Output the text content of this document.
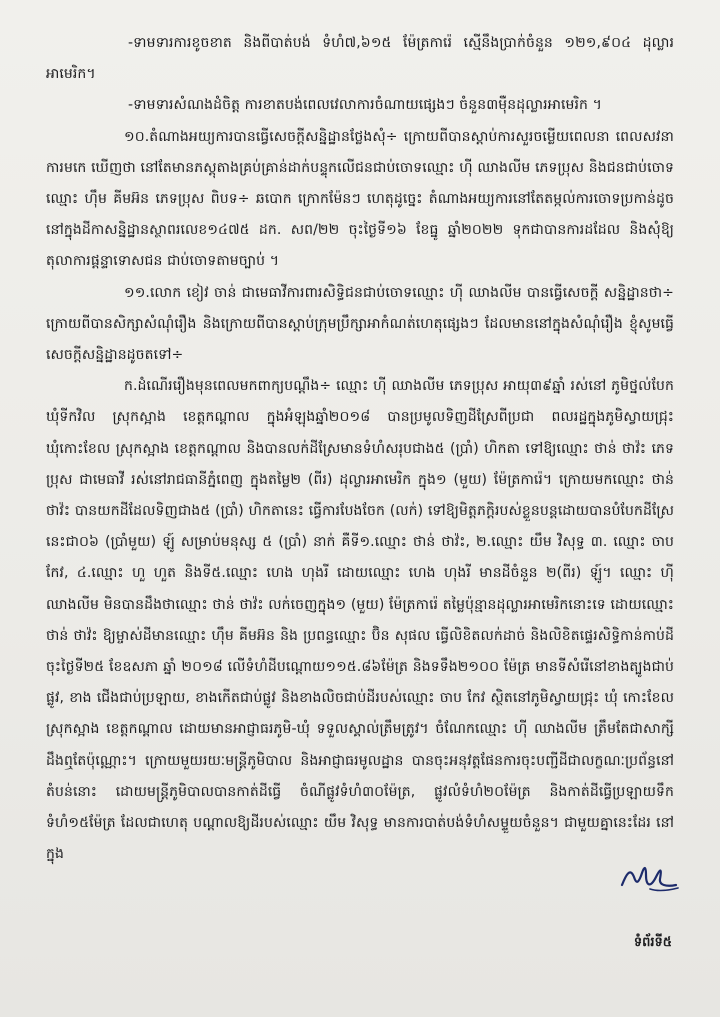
-ទាមទារការខូចខាត និងពីបាត់បង់ ទំហំ៧,៦១៥ ម៉ែត្រការ៉េ ស្មើនឹងប្រាក់ចំនួន ១២១,៩០៤ ដុល្លារអាមេរិក។

-ទាមទារសំណងដំចិត្ត ការខាតបង់ពេលវេលាការចំណាយផ្សេងៗ ចំនួន៣ម៉ឺនដុល្លារអាមេរិក ។

១០.តំណាងអយ្យការបានធ្វើសេចក្ដីសន្និដ្ឋានថ្លែងសុំ÷ ក្រោយពីបានស្ដាប់ការសួរចម្លើយពេលនា ពេលសវនាការមកេ ឃើញថា នៅតែមានភស្តុតាងគ្រប់គ្រាន់ដាក់បន្ទុកលើជនជាប់ចោទឈ្មោះ ហ៊ី ឈាងលីម ភេទប្រុស និងជនជាប់ចោទឈ្មោះ ហ៊ឹម គីមអ៊ន ភេទប្រុស ពិបទ÷ ឆបោក ក្រោកម៉ែនៗ ហេតុដូច្នេះ តំណាងអយ្យការនៅតែតម្កល់ការចោទប្រកាន់ដូចនៅក្នុងដីកាសន្និដ្ឋានស្ថាពរលេខ១៤៧៥ ដក. សព/២២ ចុះថ្ងៃទី១៦ ខែធ្នូ ឆ្នាំ២០២២ ទុកជាបានការដដែល និងសុំឱ្យតុលាការផ្ដន្ទាទោសជន ជាប់ចោទតាមច្បាប់ ។

១១.លោក ខៀវ ចាន់ ជាមេធាវីការពារសិទ្ធិជនជាប់ចោទឈ្មោះ ហ៊ី ឈាងលីម បានធ្វើសេចក្ដី សន្និដ្ឋានថា÷ ក្រោយពីបានសិក្សាសំណុំរឿង និងក្រោយពីបានស្ដាប់ក្រុមប្រឹក្សាអាកំណត់ហេតុផ្សេងៗ ដែលមាននៅក្នុងសំណុំរឿង ខ្ញុំសូមធ្វើសេចក្ដីសន្និដ្ឋានដូចតទៅ÷

ក.ដំណើររឿងមុនពេលមកពាក្យបណ្ដឹង÷ ឈ្មោះ ហ៊ី ឈាងលីម ភេទប្រុស អាយុ៣៩ឆ្នាំ រស់នៅ ភូមិថ្នល់បែក ឃុំទីកវិល ស្រុកស្អាង ខេត្តកណ្ដាល ក្នុងអំឡុងឆ្នាំ២០១៨ បានប្រមូលទិញដីស្រែពីប្រជា ពលរដ្ឋក្នុងភូមិស្វាយជ្រុះ ឃុំកោះខែល ស្រុកស្អាង ខេត្តកណ្ដាល និងបានលក់ដីស្រែមានទំហំសរុបជាង៥ (ប្រាំ) ហិកតា ទៅឱ្យឈ្មោះ ថាន់ ថាវ៉ះ ភេទប្រុស ជាមេធាវី រស់នៅរាជធានីភ្នំពេញ ក្នុងតម្លៃ២ (ពីរ) ដុល្លារអាមេរិក ក្នុង១ (មួយ) ម៉ែត្រការ៉េ។ ក្រោយមកឈ្មោះ ថាន់ ថាវ៉ះ បានយកដីដែលទិញជាង៥ (ប្រាំ) ហិកតានេះ ធ្វើការបែងចែក (លក់) ទៅឱ្យមិត្តភក្ដិរបស់ខ្លួនបន្តដោយបានបំបែកដីស្រែនេះជា០៦ (ប្រាំមួយ) ឡូ៍ សម្រាប់មនុស្ស ៥ (ប្រាំ) នាក់ គឺទី១.ឈ្មោះ ថាន់ ថាវ៉ះ, ២.ឈ្មោះ យឹម វិសុទ្ធ ៣. ឈ្មោះ ចាប កែវ, ៤.ឈ្មោះ ហួ ហួត និងទី៥.ឈ្មោះ ហេង ហុងរី ដោយឈ្មោះ ហេង ហុងរី មានដីចំនួន ២(ពីរ) ឡូ៍។ ឈ្មោះ ហ៊ី ឈាងលីម មិនបានដឹងថាឈ្មោះ ថាន់ ថាវ៉ះ លក់ចេញក្នុង១ (មួយ) ម៉ែត្រការ៉េ តម្លៃប៉ុន្មានដុល្លារអាមេរិកនោះទេ ដោយឈ្មោះ ថាន់ ថាវ៉ះ ឱ្យម្ចាស់ដីមានឈ្មោះ ហ៊ឹម គីមអ៊ន និង ប្រពន្ធឈ្មោះ ប៊ិន សុផល ធ្វើលិខិតលក់ដាច់ និងលិខិតផ្ទេរសិទ្ធិកាន់កាប់ដី ចុះថ្ងៃទី២៥ ខែឧសភា ឆ្នាំ ២០១៨ លើទំហំដីបណ្ដោយ១១៥.៨៦ម៉ែត្រ និងទទឹង២១០០ ម៉ែត្រ មានទីសំរើនៅខាងត្បូងជាប់ផ្លូវ, ខាង ជើងជាប់ប្រឡាយ, ខាងកើតជាប់ផ្លូវ និងខាងលិចជាប់ដីរបស់ឈ្មោះ ចាប កែវ ស្ថិតនៅភូមិស្វាយជ្រុះ ឃុំ កោះខែល ស្រុកស្អាង ខេត្តកណ្ដាល ដោយមានអាជ្ញាធរភូមិ-ឃុំ ទទួលស្គាល់ត្រឹមត្រូវ។ ចំណែកឈ្មោះ ហ៊ី ឈាងលីម ត្រឹមតែជាសាក្សីដឹងឮតែប៉ុណ្ណោះ។ ក្រោយមួយរយៈមន្ត្រីភូមិបាល និងអាជ្ញាធរមូលដ្ឋាន បានចុះអនុវត្តផែនការចុះបញ្ជីដីជាលក្ខណៈប្រព័ន្ធនៅតំបន់នោះ ដោយមន្ត្រីភូមិបាលបានកាត់ដីធ្វើ ចំណីផ្លូវទំហំ៣០ម៉ែត្រ, ផ្លូវលំទំហំ២០ម៉ែត្រ និងកាត់ដីធ្វើប្រឡាយទឹកទំហំ១៥ម៉ែត្រ ដែលជាហេតុ បណ្ដាលឱ្យដីរបស់ឈ្មោះ យឹម វិសុទ្ធ មានការបាត់បង់ទំហំសម្ទួយចំនួន។ ជាមួយគ្នានេះដែរ នៅក្នុង

ទំព័រទី៥
